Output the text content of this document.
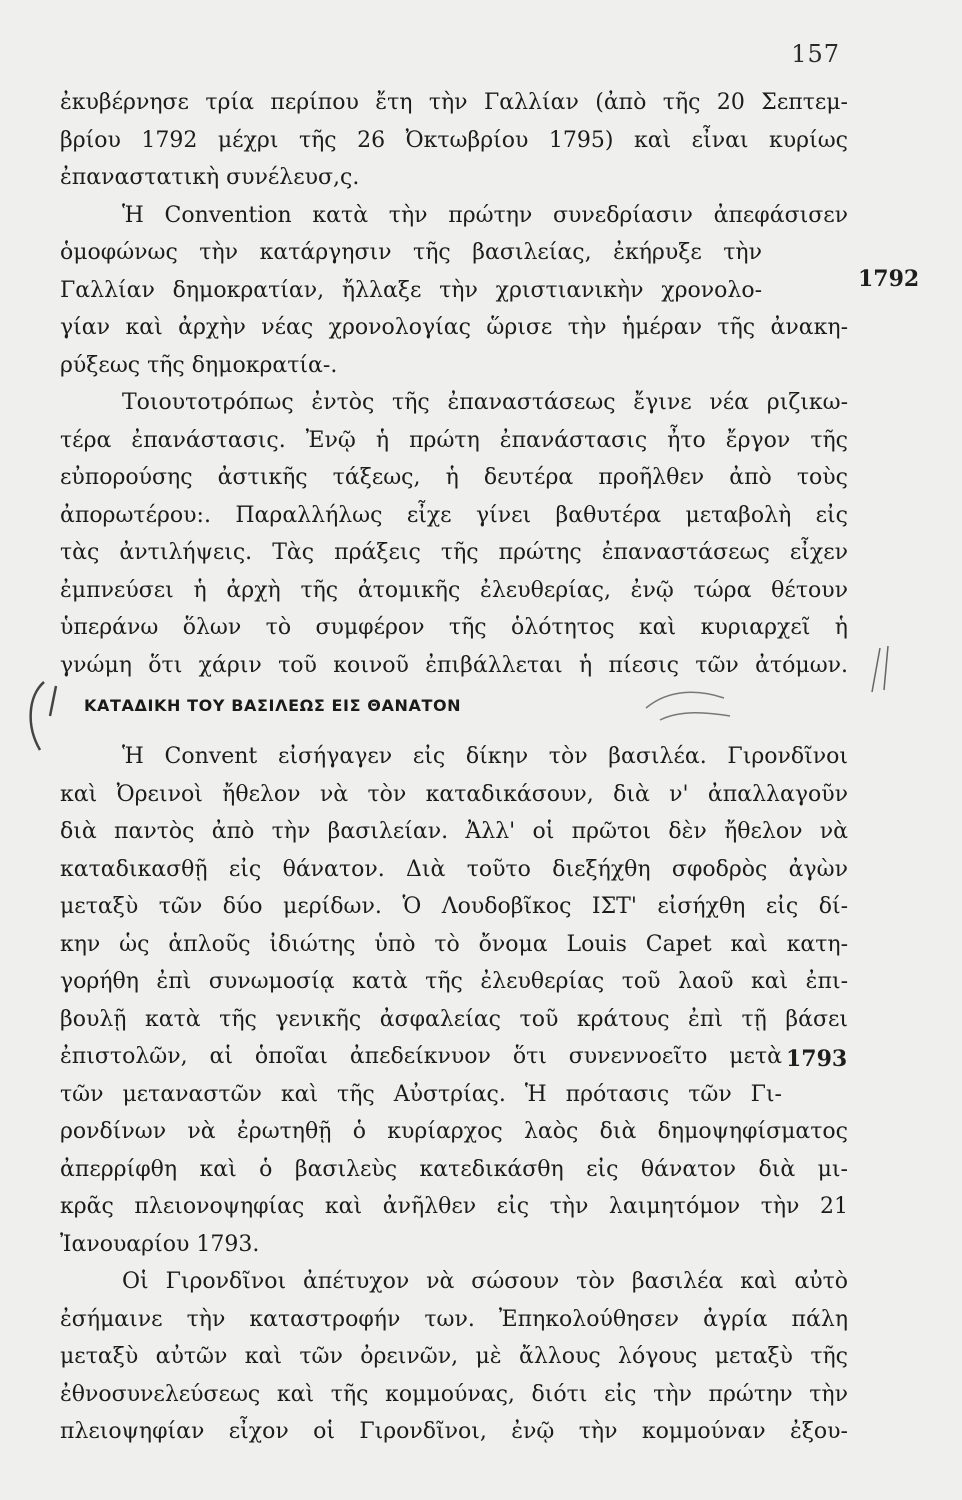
157
ἐκυβέρνησε τρία περίπου ἔτη τὴν Γαλλίαν (ἀπὸ τῆς 20 Σεπτεμ-
βρίου 1792 μέχρι τῆς 26 Ὀκτωβρίου 1795) καὶ εἶναι κυρίως
ἐπαναστατικὴ συνέλευσ,ς.
Ἡ Convention κατὰ τὴν πρώτην συνεδρίασιν ἀπεφάσισεν
ὁμοφώνως τὴν κατάργησιν τῆς βασιλείας, ἐκήρυξε τὴν
Γαλλίαν δημοκρατίαν, ἤλλαξε τὴν χριστιανικὴν χρονολο-
γίαν καὶ ἀρχὴν νέας χρονολογίας ὥρισε τὴν ἡμέραν τῆς ἀνακη-
ρύξεως τῆς δημοκρατία-.
Τοιουτοτρόπως ἐντὸς τῆς ἐπαναστάσεως ἔγινε νέα ριζικω-
τέρα ἐπανάστασις. Ἐνῷ ἡ πρώτη ἐπανάστασις ἦτο ἔργον τῆς
εὐπορούσης ἀστικῆς τάξεως, ἡ δευτέρα προῆλθεν ἀπὸ τοὺς
ἀπορωτέρου:. Παραλλήλως εἶχε γίνει βαθυτέρα μεταβολὴ εἰς
τὰς ἀντιλήψεις. Τὰς πράξεις τῆς πρώτης ἐπαναστάσεως εἶχεν
ἐμπνεύσει ἡ ἀρχὴ τῆς ἀτομικῆς ἐλευθερίας, ἐνῷ τώρα θέτουν
ὑπεράνω ὅλων τὸ συμφέρον τῆς ὁλότητος καὶ κυριαρχεῖ ἡ
γνώμη ὅτι χάριν τοῦ κοινοῦ ἐπιβάλλεται ἡ πίεσις τῶν ἀτόμων.
1792
ΚΑΤΑΔΙΚΗ ΤΟΥ ΒΑΣΙΛΕΩΣ ΕΙΣ ΘΑΝΑΤΟΝ
Ἡ Convent εἰσήγαγεν εἰς δίκην τὸν βασιλέα. Γιρονδῖνοι
καὶ Ὀρεινοὶ ἤθελον νὰ τὸν καταδικάσουν, διὰ ν' ἀπαλλαγοῦν
διὰ παντὸς ἀπὸ τὴν βασιλείαν. Ἀλλ' οἱ πρῶτοι δὲν ἤθελον νὰ
καταδικασθῇ εἰς θάνατον. Διὰ τοῦτο διεξήχθη σφοδρὸς ἀγὼν
μεταξὺ τῶν δύο μερίδων. Ὁ Λουδοβῖκος ΙΣΤ' εἰσήχθη εἰς δί-
κην ὡς ἁπλοῦς ἰδιώτης ὑπὸ τὸ ὄνομα Louis Capet καὶ κατη-
γορήθη ἐπὶ συνωμοσίᾳ κατὰ τῆς ἐλευθερίας τοῦ λαοῦ καὶ ἐπι-
βουλῇ κατὰ τῆς γενικῆς ἀσφαλείας τοῦ κράτους ἐπὶ τῇ βάσει
ἐπιστολῶν, αἱ ὁποῖαι ἀπεδείκνυον ὅτι συνεννοεῖτο μετὰ
τῶν μεταναστῶν καὶ τῆς Αὐστρίας. Ἡ πρότασις τῶν Γι-
ρονδίνων νὰ ἐρωτηθῇ ὁ κυρίαρχος λαὸς διὰ δημοψηφίσματος
ἀπερρίφθη καὶ ὁ βασιλεὺς κατεδικάσθη εἰς θάνατον διὰ μι-
κρᾶς πλειονοψηφίας καὶ ἀνῆλθεν εἰς τὴν λαιμητόμον τὴν 21
Ἰανουαρίου 1793.
Οἱ Γιρονδῖνοι ἀπέτυχον νὰ σώσουν τὸν βασιλέα καὶ αὐτὸ
ἐσήμαινε τὴν καταστροφήν των. Ἐπηκολούθησεν ἀγρία πάλη
μεταξὺ αὐτῶν καὶ τῶν ὀρεινῶν, μὲ ἄλλους λόγους μεταξὺ τῆς
ἐθνοσυνελεύσεως καὶ τῆς κομμούνας, διότι εἰς τὴν πρώτην τὴν
πλειοψηφίαν εἶχον οἱ Γιρονδῖνοι, ἐνῷ τὴν κομμούναν ἐξου-
1793
